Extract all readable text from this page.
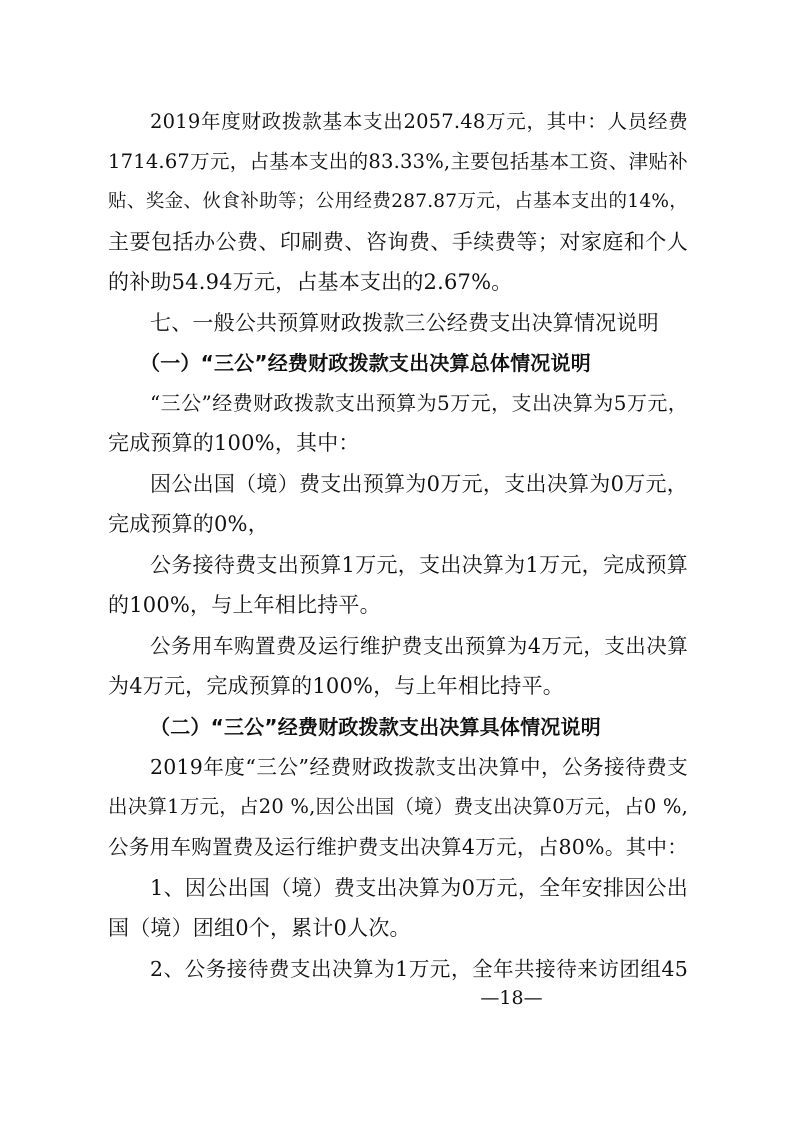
2019年度财政拨款基本支出2057.48万元，其中：人员经费
1714.67万元，占基本支出的83.33%,主要包括基本工资、津贴补
贴、奖金、伙食补助等；公用经费287.87万元，占基本支出的14%，
主要包括办公费、印刷费、咨询费、手续费等；对家庭和个人
的补助54.94万元，占基本支出的2.67%。
七、一般公共预算财政拨款三公经费支出决算情况说明
（一）“三公”经费财政拨款支出决算总体情况说明
“三公”经费财政拨款支出预算为5万元，支出决算为5万元，
完成预算的100%，其中：
因公出国（境）费支出预算为0万元，支出决算为0万元，
完成预算的0%，
公务接待费支出预算1万元，支出决算为1万元，完成预算
的100%，与上年相比持平。
公务用车购置费及运行维护费支出预算为4万元，支出决算
为4万元，完成预算的100%，与上年相比持平。
（二）“三公”经费财政拨款支出决算具体情况说明
2019年度“三公”经费财政拨款支出决算中，公务接待费支
出决算1万元，占20 %,因公出国（境）费支出决算0万元，占0 %,
公务用车购置费及运行维护费支出决算4万元，占80%。其中：
1、因公出国（境）费支出决算为0万元，全年安排因公出
国（境）团组0个，累计0人次。
2、公务接待费支出决算为1万元，全年共接待来访团组45
—18—
